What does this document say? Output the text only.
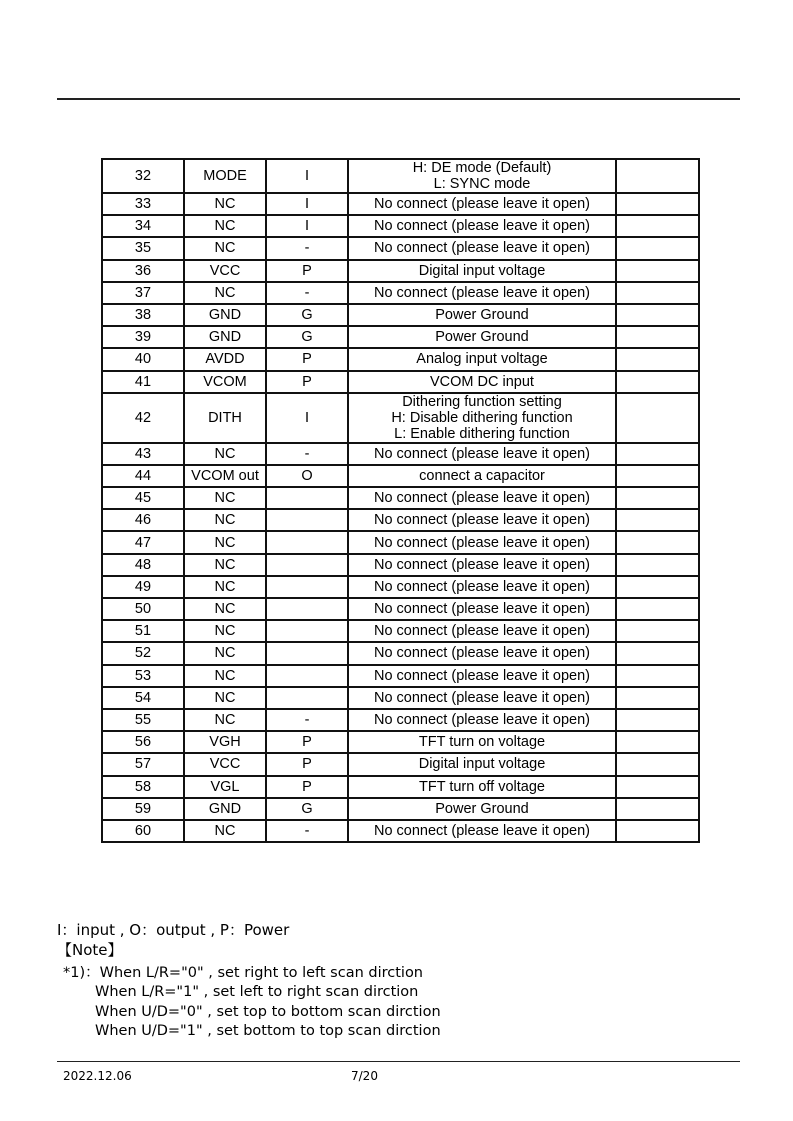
32	MODE	I	H: DE mode (Default)
L: SYNC mode	

33	NC	I	No connect (please leave it open)	

34	NC	I	No connect (please leave it open)	

35	NC	-	No connect (please leave it open)	

36	VCC	P	Digital input voltage	

37	NC	-	No connect (please leave it open)	

38	GND	G	Power Ground	

39	GND	G	Power Ground	

40	AVDD	P	Analog input voltage	

41	VCOM	P	VCOM DC input	

42	DITH	I	Dithering function setting
H: Disable dithering function
L: Enable dithering function	

43	NC	-	No connect (please leave it open)	

44	VCOM out	O	connect a capacitor	

45	NC		No connect (please leave it open)	

46	NC		No connect (please leave it open)	

47	NC		No connect (please leave it open)	

48	NC		No connect (please leave it open)	

49	NC		No connect (please leave it open)	

50	NC		No connect (please leave it open)	

51	NC		No connect (please leave it open)	

52	NC		No connect (please leave it open)	

53	NC		No connect (please leave it open)	

54	NC		No connect (please leave it open)	

55	NC	-	No connect (please leave it open)	

56	VGH	P	TFT turn on voltage	

57	VCC	P	Digital input voltage	

58	VGL	P	TFT turn off voltage	

59	GND	G	Power Ground	

60	NC	-	No connect (please leave it open)	

I：input , O：output , P：Power
【Note】
*1)：When L/R="0" , set right to left scan dirction
When L/R="1" , set left to right scan dirction
When U/D="0" , set top to bottom scan dirction
When U/D="1" , set bottom to top scan dirction
2022.12.06	7/20
